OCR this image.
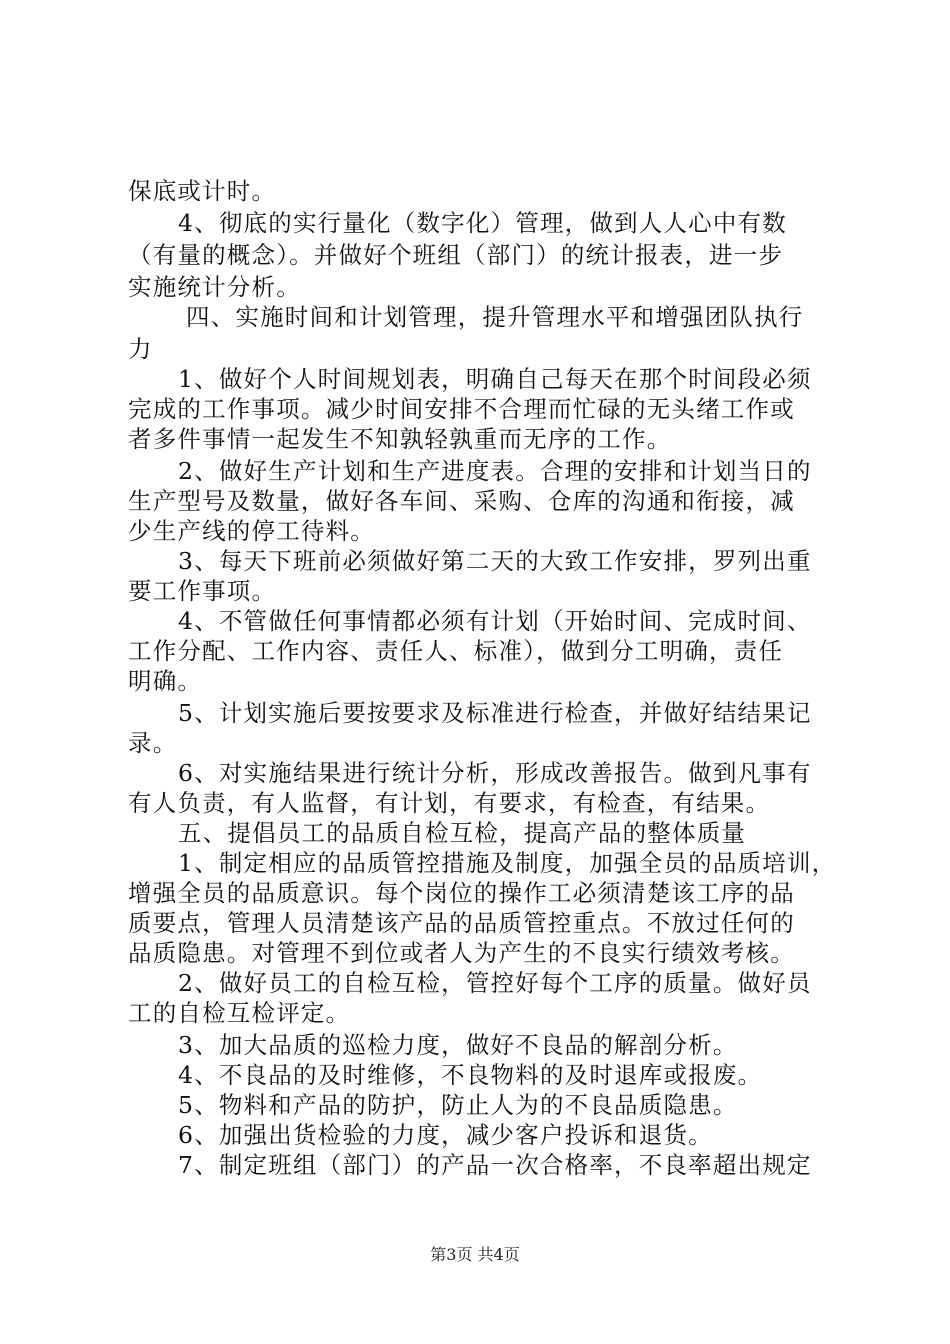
保底或计时。
4、彻底的实行量化（数字化）管理，做到人人心中有数
（有量的概念）。并做好个班组（部门）的统计报表，进一步
实施统计分析。
四、实施时间和计划管理，提升管理水平和增强团队执行
力
1、做好个人时间规划表，明确自己每天在那个时间段必须
完成的工作事项。减少时间安排不合理而忙碌的无头绪工作或
者多件事情一起发生不知孰轻孰重而无序的工作。
2、做好生产计划和生产进度表。合理的安排和计划当日的
生产型号及数量，做好各车间、采购、仓库的沟通和衔接，减
少生产线的停工待料。
3、每天下班前必须做好第二天的大致工作安排，罗列出重
要工作事项。
4、不管做任何事情都必须有计划（开始时间、完成时间、
工作分配、工作内容、责任人、标准），做到分工明确，责任
明确。
5、计划实施后要按要求及标准进行检查，并做好结结果记
录。
6、对实施结果进行统计分析，形成改善报告。做到凡事有
有人负责，有人监督，有计划，有要求，有检查，有结果。
五、提倡员工的品质自检互检，提高产品的整体质量
1、制定相应的品质管控措施及制度，加强全员的品质培训，
增强全员的品质意识。每个岗位的操作工必须清楚该工序的品
质要点，管理人员清楚该产品的品质管控重点。不放过任何的
品质隐患。对管理不到位或者人为产生的不良实行绩效考核。
2、做好员工的自检互检，管控好每个工序的质量。做好员
工的自检互检评定。
3、加大品质的巡检力度，做好不良品的解剖分析。
4、不良品的及时维修，不良物料的及时退库或报废。
5、物料和产品的防护，防止人为的不良品质隐患。
6、加强出货检验的力度，减少客户投诉和退货。
7、制定班组（部门）的产品一次合格率，不良率超出规定
第3页 共4页
